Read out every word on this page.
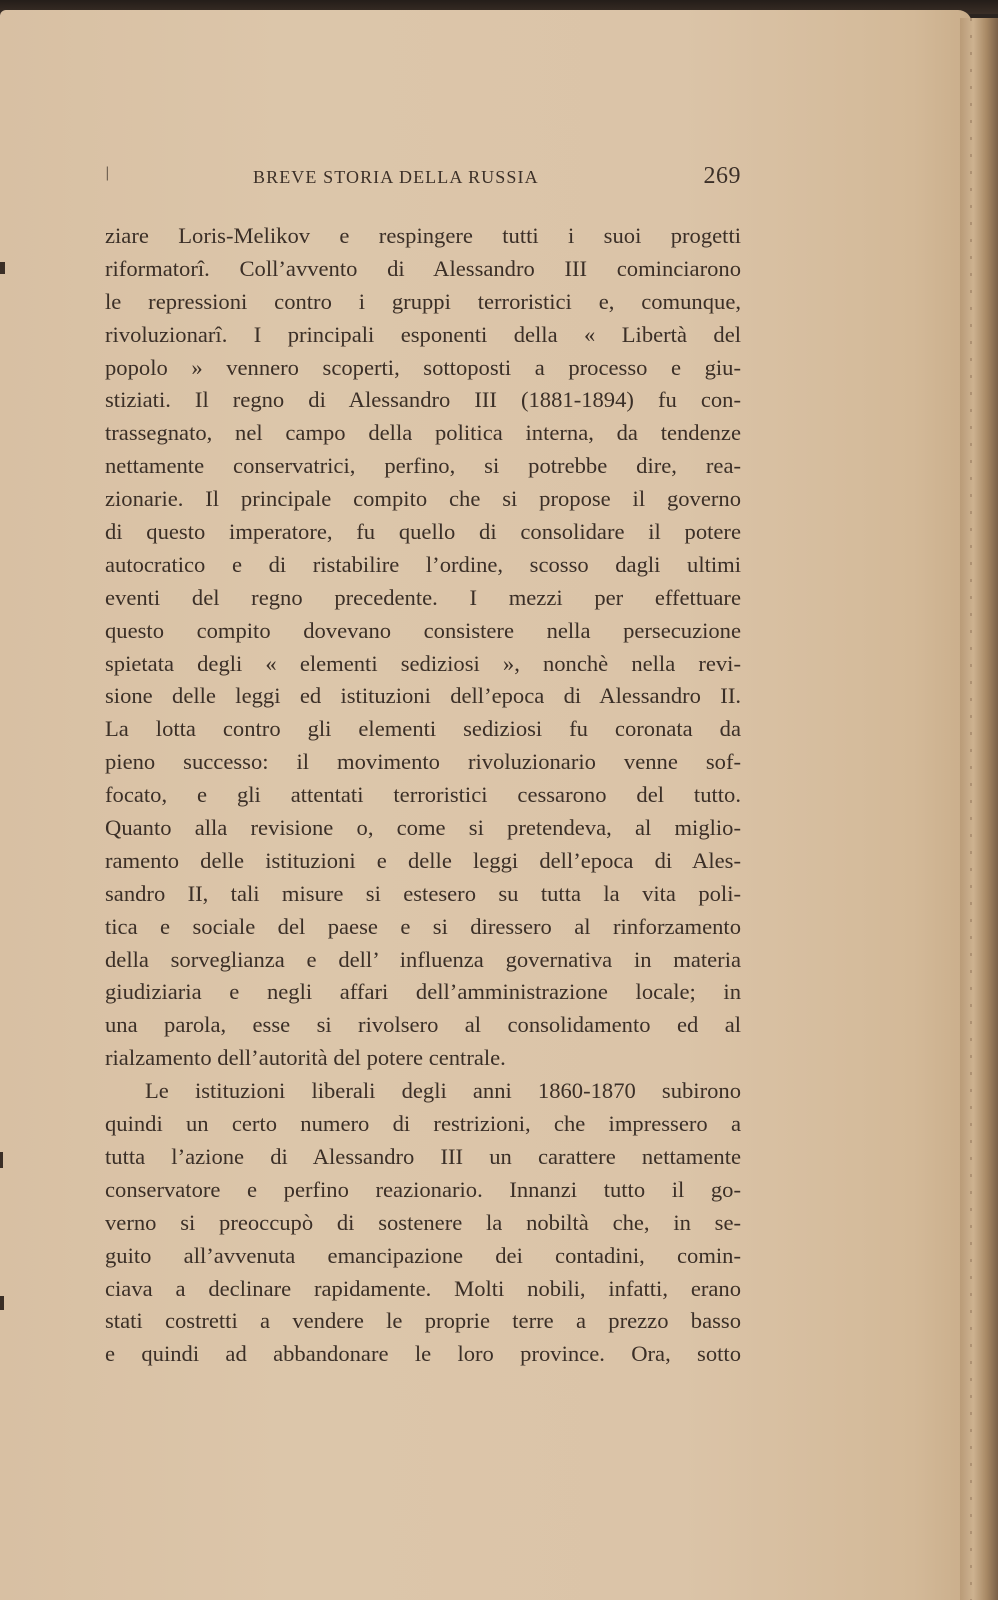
|	BREVE STORIA DELLA RUSSIA	269
ziare Loris-Melikov e respingere tutti i suoi progetti
riformatorî. Coll’avvento di Alessandro III cominciarono
le repressioni contro i gruppi terroristici e, comunque,
rivoluzionarî. I principali esponenti della « Libertà del
popolo » vennero scoperti, sottoposti a processo e giu-
stiziati. Il regno di Alessandro III (1881-1894) fu con-
trassegnato, nel campo della politica interna, da tendenze
nettamente conservatrici, perfino, si potrebbe dire, rea-
zionarie. Il principale compito che si propose il governo
di questo imperatore, fu quello di consolidare il potere
autocratico e di ristabilire l’ordine, scosso dagli ultimi
eventi del regno precedente. I mezzi per effettuare
questo compito dovevano consistere nella persecuzione
spietata degli « elementi sediziosi », nonchè nella revi-
sione delle leggi ed istituzioni dell’epoca di Alessandro II.
La lotta contro gli elementi sediziosi fu coronata da
pieno successo: il movimento rivoluzionario venne sof-
focato, e gli attentati terroristici cessarono del tutto.
Quanto alla revisione o, come si pretendeva, al miglio-
ramento delle istituzioni e delle leggi dell’epoca di Ales-
sandro II, tali misure si estesero su tutta la vita poli-
tica e sociale del paese e si diressero al rinforzamento
della sorveglianza e dell’ influenza governativa in materia
giudiziaria e negli affari dell’amministrazione locale; in
una parola, esse si rivolsero al consolidamento ed al
rialzamento dell’autorità del potere centrale.
Le istituzioni liberali degli anni 1860-1870 subirono
quindi un certo numero di restrizioni, che impressero a
tutta l’azione di Alessandro III un carattere nettamente
conservatore e perfino reazionario. Innanzi tutto il go-
verno si preoccupò di sostenere la nobiltà che, in se-
guito all’avvenuta emancipazione dei contadini, comin-
ciava a declinare rapidamente. Molti nobili, infatti, erano
stati costretti a vendere le proprie terre a prezzo basso
e quindi ad abbandonare le loro province. Ora, sotto
